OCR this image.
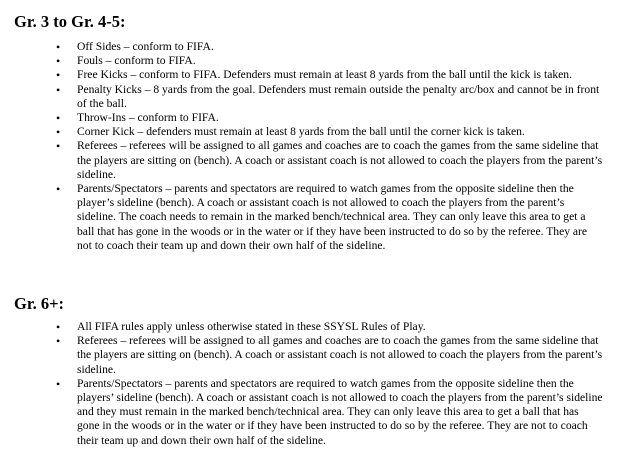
Gr. 3 to Gr. 4-5:
•	Off Sides – conform to FIFA.
•	Fouls – conform to FIFA.
•	Free Kicks – conform to FIFA. Defenders must remain at least 8 yards from the ball until the kick is taken.
•	Penalty Kicks – 8 yards from the goal. Defenders must remain outside the penalty arc/box and cannot be in front of the ball.
•	Throw-Ins – conform to FIFA.
•	Corner Kick – defenders must remain at least 8 yards from the ball until the corner kick is taken.
•	Referees – referees will be assigned to all games and coaches are to coach the games from the same sideline that the players are sitting on (bench). A coach or assistant coach is not allowed to coach the players from the parent’s sideline.
•	Parents/Spectators – parents and spectators are required to watch games from the opposite sideline then the player’s sideline (bench). A coach or assistant coach is not allowed to coach the players from the parent’s sideline. The coach needs to remain in the marked bench/technical area. They can only leave this area to get a ball that has gone in the woods or in the water or if they have been instructed to do so by the referee. They are not to coach their team up and down their own half of the sideline.
Gr. 6+:
•	All FIFA rules apply unless otherwise stated in these SSYSL Rules of Play.
•	Referees – referees will be assigned to all games and coaches are to coach the games from the same sideline that the players are sitting on (bench). A coach or assistant coach is not allowed to coach the players from the parent’s sideline.
•	Parents/Spectators – parents and spectators are required to watch games from the opposite sideline then the players’ sideline (bench). A coach or assistant coach is not allowed to coach the players from the parent’s sideline and they must remain in the marked bench/technical area. They can only leave this area to get a ball that has gone in the woods or in the water or if they have been instructed to do so by the referee. They are not to coach their team up and down their own half of the sideline.
